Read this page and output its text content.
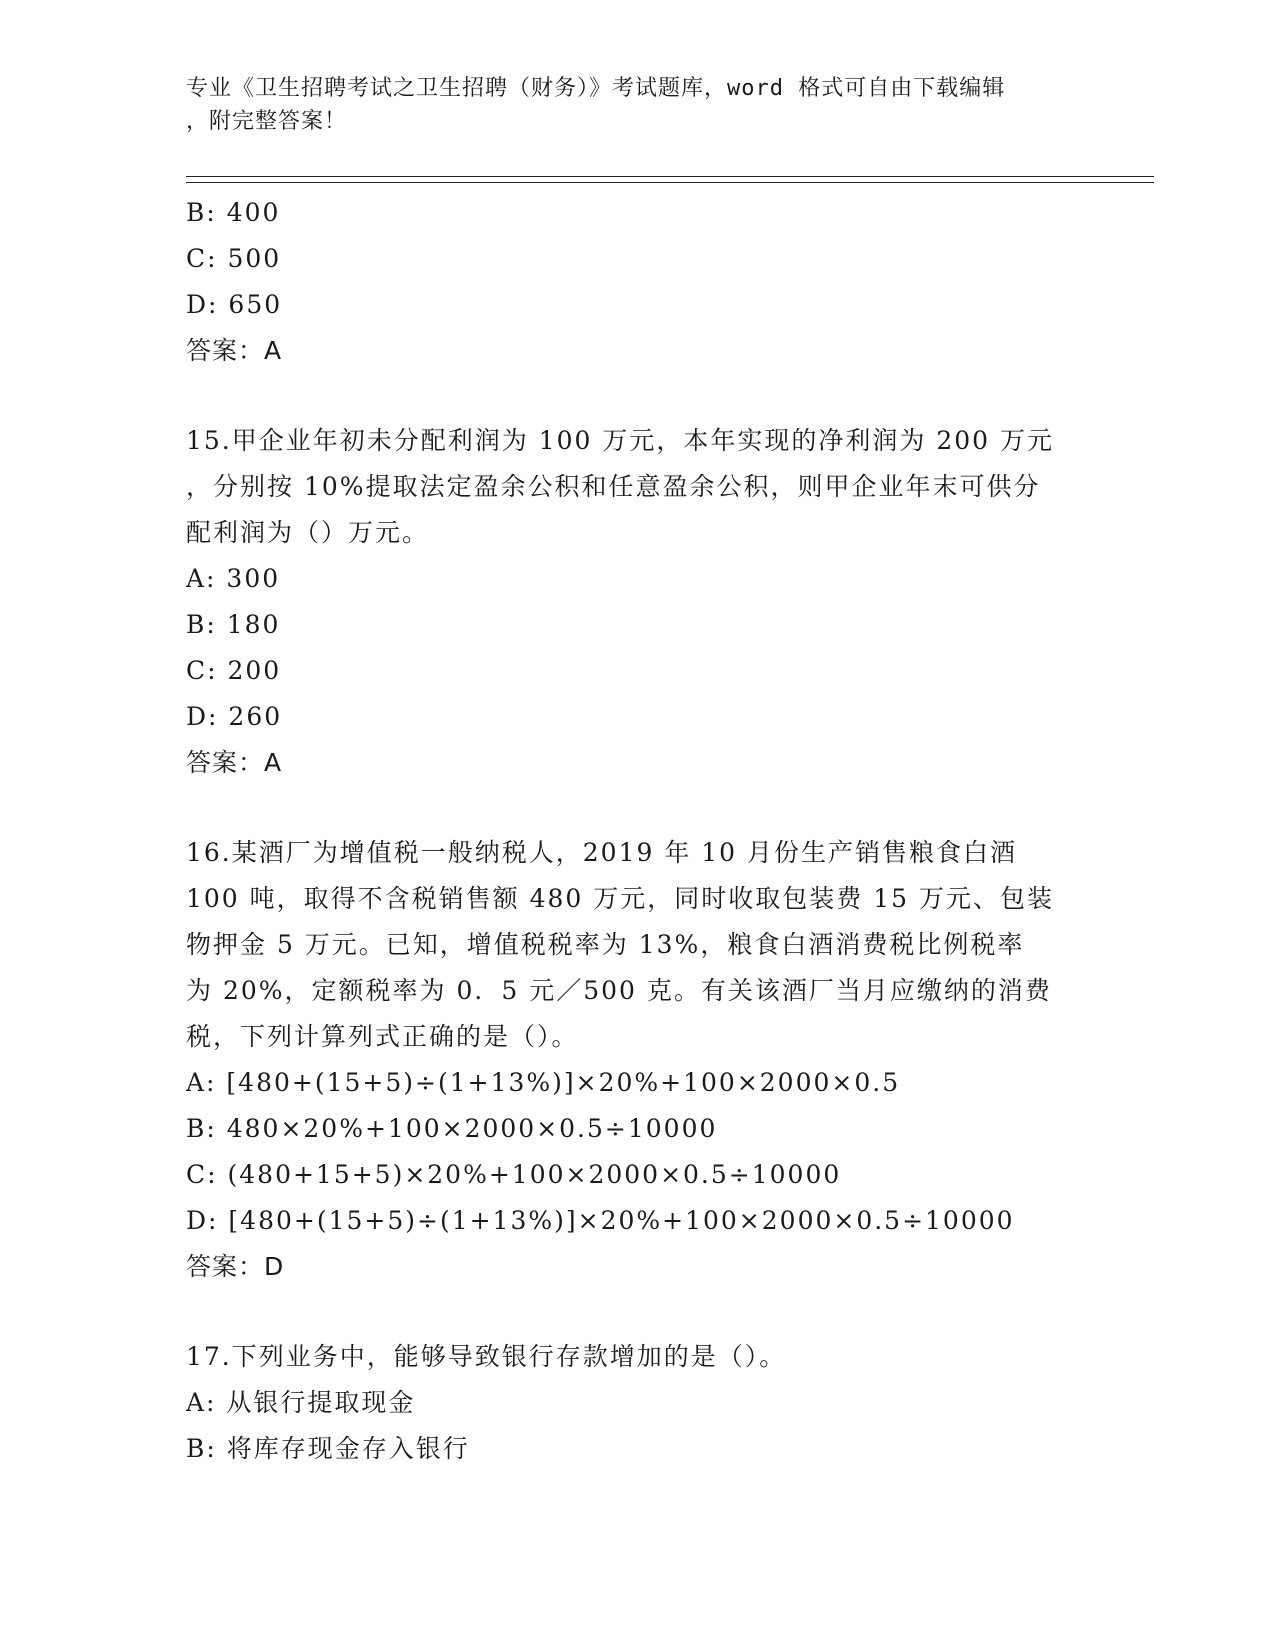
专业《卫生招聘考试之卫生招聘（财务）》考试题库，word 格式可自由下载编辑
，附完整答案！

B: 400

C: 500

D: 650

答案：A

15.甲企业年初未分配利润为 100 万元，本年实现的净利润为 200 万元

，分别按 10%提取法定盈余公积和任意盈余公积，则甲企业年末可供分

配利润为（）万元。

A: 300

B: 180

C: 200

D: 260

答案：A

16.某酒厂为增值税一般纳税人，2019 年 10 月份生产销售粮食白酒

100 吨，取得不含税销售额 480 万元，同时收取包装费 15 万元、包装

物押金 5 万元。已知，增值税税率为 13%，粮食白酒消费税比例税率

为 20%，定额税率为 0．5 元／500 克。有关该酒厂当月应缴纳的消费

税，下列计算列式正确的是（）。

A: [480+(15+5)÷(1+13%)]×20%+100×2000×0.5

B: 480×20%+100×2000×0.5÷10000

C: (480+15+5)×20%+100×2000×0.5÷10000

D: [480+(15+5)÷(1+13%)]×20%+100×2000×0.5÷10000

答案：D

17.下列业务中，能够导致银行存款增加的是（）。

A: 从银行提取现金

B: 将库存现金存入银行
